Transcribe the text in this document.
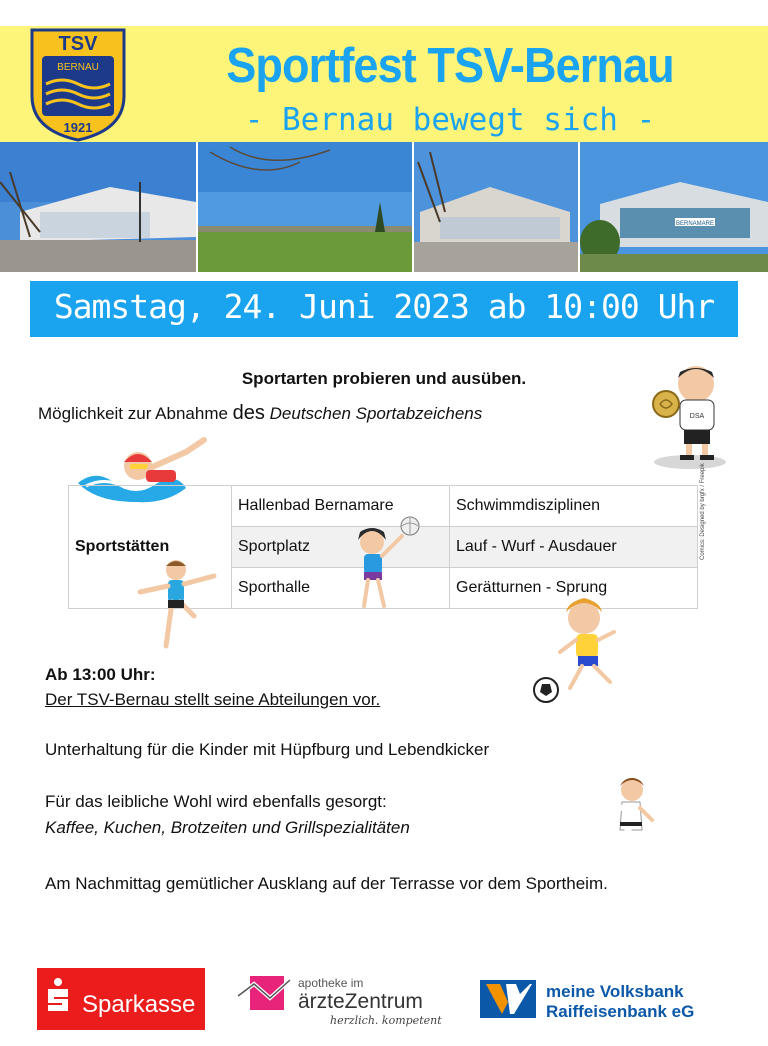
TSV
BERNAU
1921
Sportfest TSV-Bernau
- Bernau bewegt sich -
BERNAMARE
Samstag, 24. Juni 2023 ab 10:00 Uhr
Sportarten probieren und ausüben.
Möglichkeit zur Abnahme des Deutschen Sportabzeichens	DSA
Sportstätten	Hallenbad Bernamare	Schwimmdisziplinen
	Sportplatz	Lauf - Wurf - Ausdauer
	Sporthalle	Gerätturnen - Sprung
Comics: Designed by brgfx / Freepik
Ab 13:00 Uhr:
Der TSV-Bernau stellt seine Abteilungen vor.
Unterhaltung für die Kinder mit Hüpfburg und Lebendkicker
Für das leibliche Wohl wird ebenfalls gesorgt:
Kaffee, Kuchen, Brotzeiten und Grillspezialitäten
Am Nachmittag gemütlicher Ausklang auf der Terrasse vor dem Sportheim.
Sparkasse
apotheke im
ärzteZentrum
herzlich. kompetent
meine Volksbank
Raiffeisenbank eG
